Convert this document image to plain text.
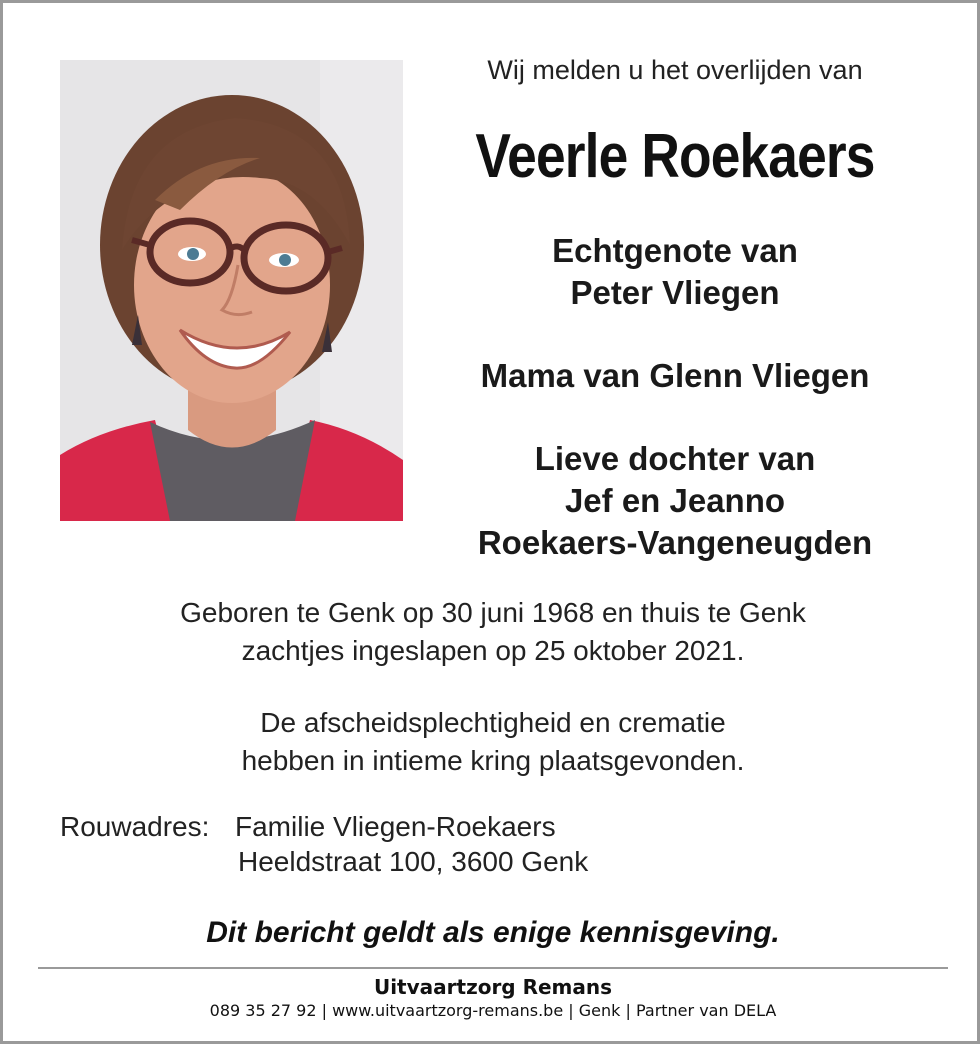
Wij melden u het overlijden van

Veerle Roekaers

Echtgenote van

Peter Vliegen

Mama van Glenn Vliegen

Lieve dochter van

Jef en Jeanno

Roekaers-Vangeneugden

Geboren te Genk op 30 juni 1968 en thuis te Genk

zachtjes ingeslapen op 25 oktober 2021.

De afscheidsplechtigheid en crematie

hebben in intieme kring plaatsgevonden.

Rouwadres: Familie Vliegen-Roekaers

Heeldstraat 100, 3600 Genk

Dit bericht geldt als enige kennisgeving.

Uitvaartzorg Remans

089 35 27 92 | www.uitvaartzorg-remans.be | Genk | Partner van DELA
